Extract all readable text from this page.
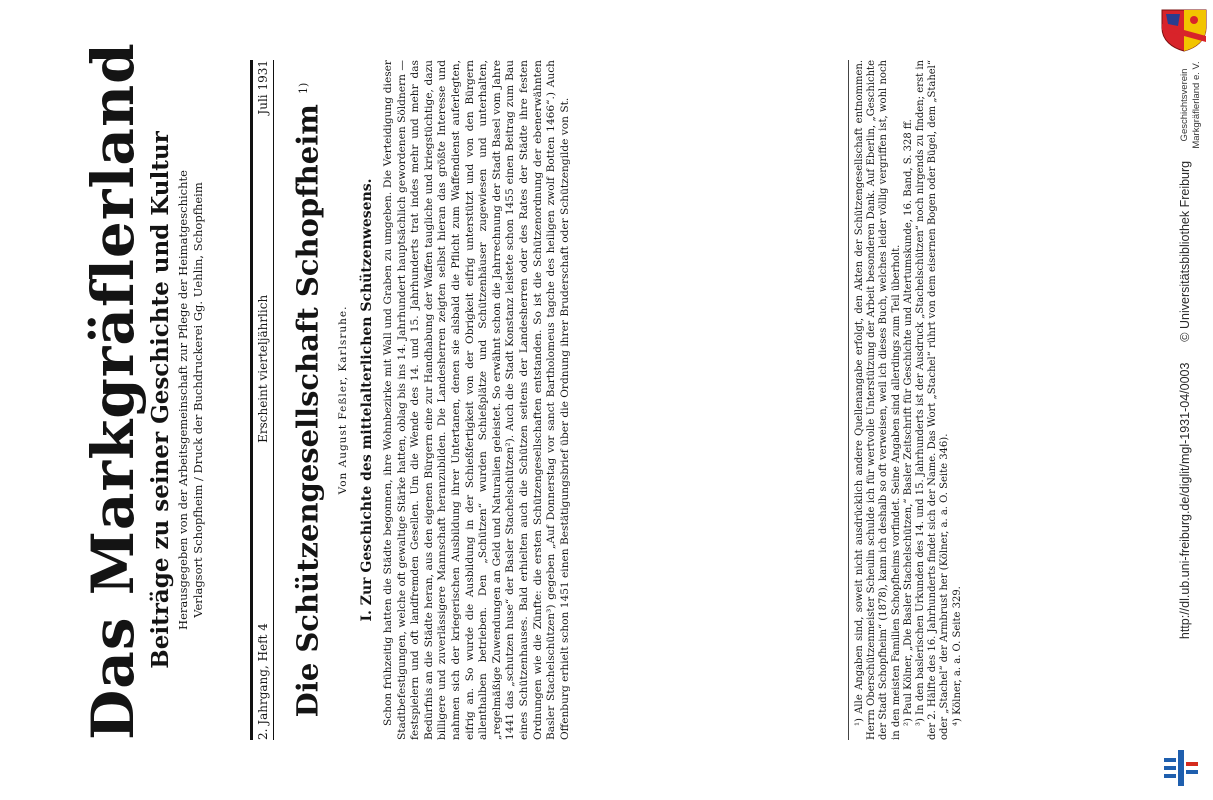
Das Markgräflerland Beiträge zu seiner Geschichte und Kultur Herausgegeben von der Arbeitsgemeinschaft zur Pflege der Heimatgeschichte Verlagsort Schopfheim / Druck der Buchdruckerei Gg. Uehlin, Schopfheim
2. Jahrgang, Heft 4
Erscheint vierteljährlich
Juli 1931
Die Schützengesellschaft Schopfheim $^{1)}$
Von August Feßler, Karlsruhe. I. Zur Geschichte des mittelalterlichen Schützenwesens. Schon frühzeitig hatten die Städte begonnen, ihre Wohnbezirke mit Wall und Graben zu umgeben. Die Verteidigung dieser Stadtbefestigungen, welche oft gewaltige Stärke hatten, oblag bis ins 14. Jahrhundert hauptsächlich gewordenen Söldnern — festspielern und oft landfremden Gesellen. Um die Wende des 14. und 15. Jahrhunderts trat indes mehr und mehr das Bedürfnis an die Städte heran, aus den eigenen Bürgern eine zur Handhabung der Waffen taugliche und kriegstüchtige, dazu billigere und zuverlässigere Mannschaft heranzubilden. Die Landesherren zeigten selbst hieran das größte Interesse und nahmen sich der kriegerischen Ausbildung ihrer Untertanen, denen sie alsbald die Pflicht zum Waffendienst auferlegten, eifrig an. So wurde die Ausbildung in der Schießfertigkeit von der Obrigkeit eifrig unterstützt und von den Bürgern allenthalben betrieben. Den „Schützen“ wurden Schießplätze und Schützenhäuser zugewiesen und unterhalten, „regelmäßige Zuwendungen an Geld und Naturalien geleistet. So erwähnt schon die Jahrrechnung der Stadt Basel vom Jahre 1441 das „schutzen huse“ der Basler Stachelschützen²). Auch die Stadt Konstanz leistete schon 1455 einen Beitrag zum Bau eines Schützenhauses. Bald erhielten auch die Schützen seitens der Landesherren oder des Rates der Städte ihre festen Ordnungen wie die Zünfte: die ersten Schützengesellschaften entstanden. So ist die Schützenordnung der ebenerwähnten Basler Stachelschützen³) gegeben „Auf Donnerstag vor sanct Bartholomeus tagche des heiligen zwolf Botten 1466“.) Auch Offenburg erhielt schon 1451 einen Bestätigungsbrief über die Ordnung ihrer Bruderschaft oder Schützengilde von St.	¹) Alle Angaben sind, soweit nicht ausdrücklich andere Quellenangabe erfolgt, den Akten der Schützengesellschaft entnommen. Herrn Oberschützenmeister Scheulin schulde ich für wertvolle Unterstützung der Arbeit besonderen Dank. Auf Eberlin, „Geschichte der Stadt Schopfheim“ (1878), kann ich deshalb so oft verweisen, weil ich dieses Buch, welches leider völlig vergriffen ist, wohl noch in den meisten Familien Schopfheims vorfindet. Seine Angaben sind allerdings zum Teil überholt. ²) Paul Kölner, „Die Basler Stachelschützen,“ Basler Zeitschrift für Geschichte und Altertumskunde, 16. Band, S. 328 ff. ³) In den baslerischen Urkunden des 14. und 15. Jahrhunderts ist der Ausdruck „Stachelschützen“ noch nirgends zu finden; erst in der 2. Hälfte des 16. Jahrhunderts findet sich der Name. Das Wort „Stachel“ rührt von dem eisernen Bogen oder Bügel, dem „Stahel“ oder „Stachel“ der Armbrust her (Kölner, a. a. O. Seite 346). ⁴) Kölner, a. a. O. Seite 329.

Geschichtsverein Markgräflerland e. V.
http://dl.ub.uni-freiburg.de/diglit/mgl-1931-04/0003      © Universitätsbibliothek Freiburg
